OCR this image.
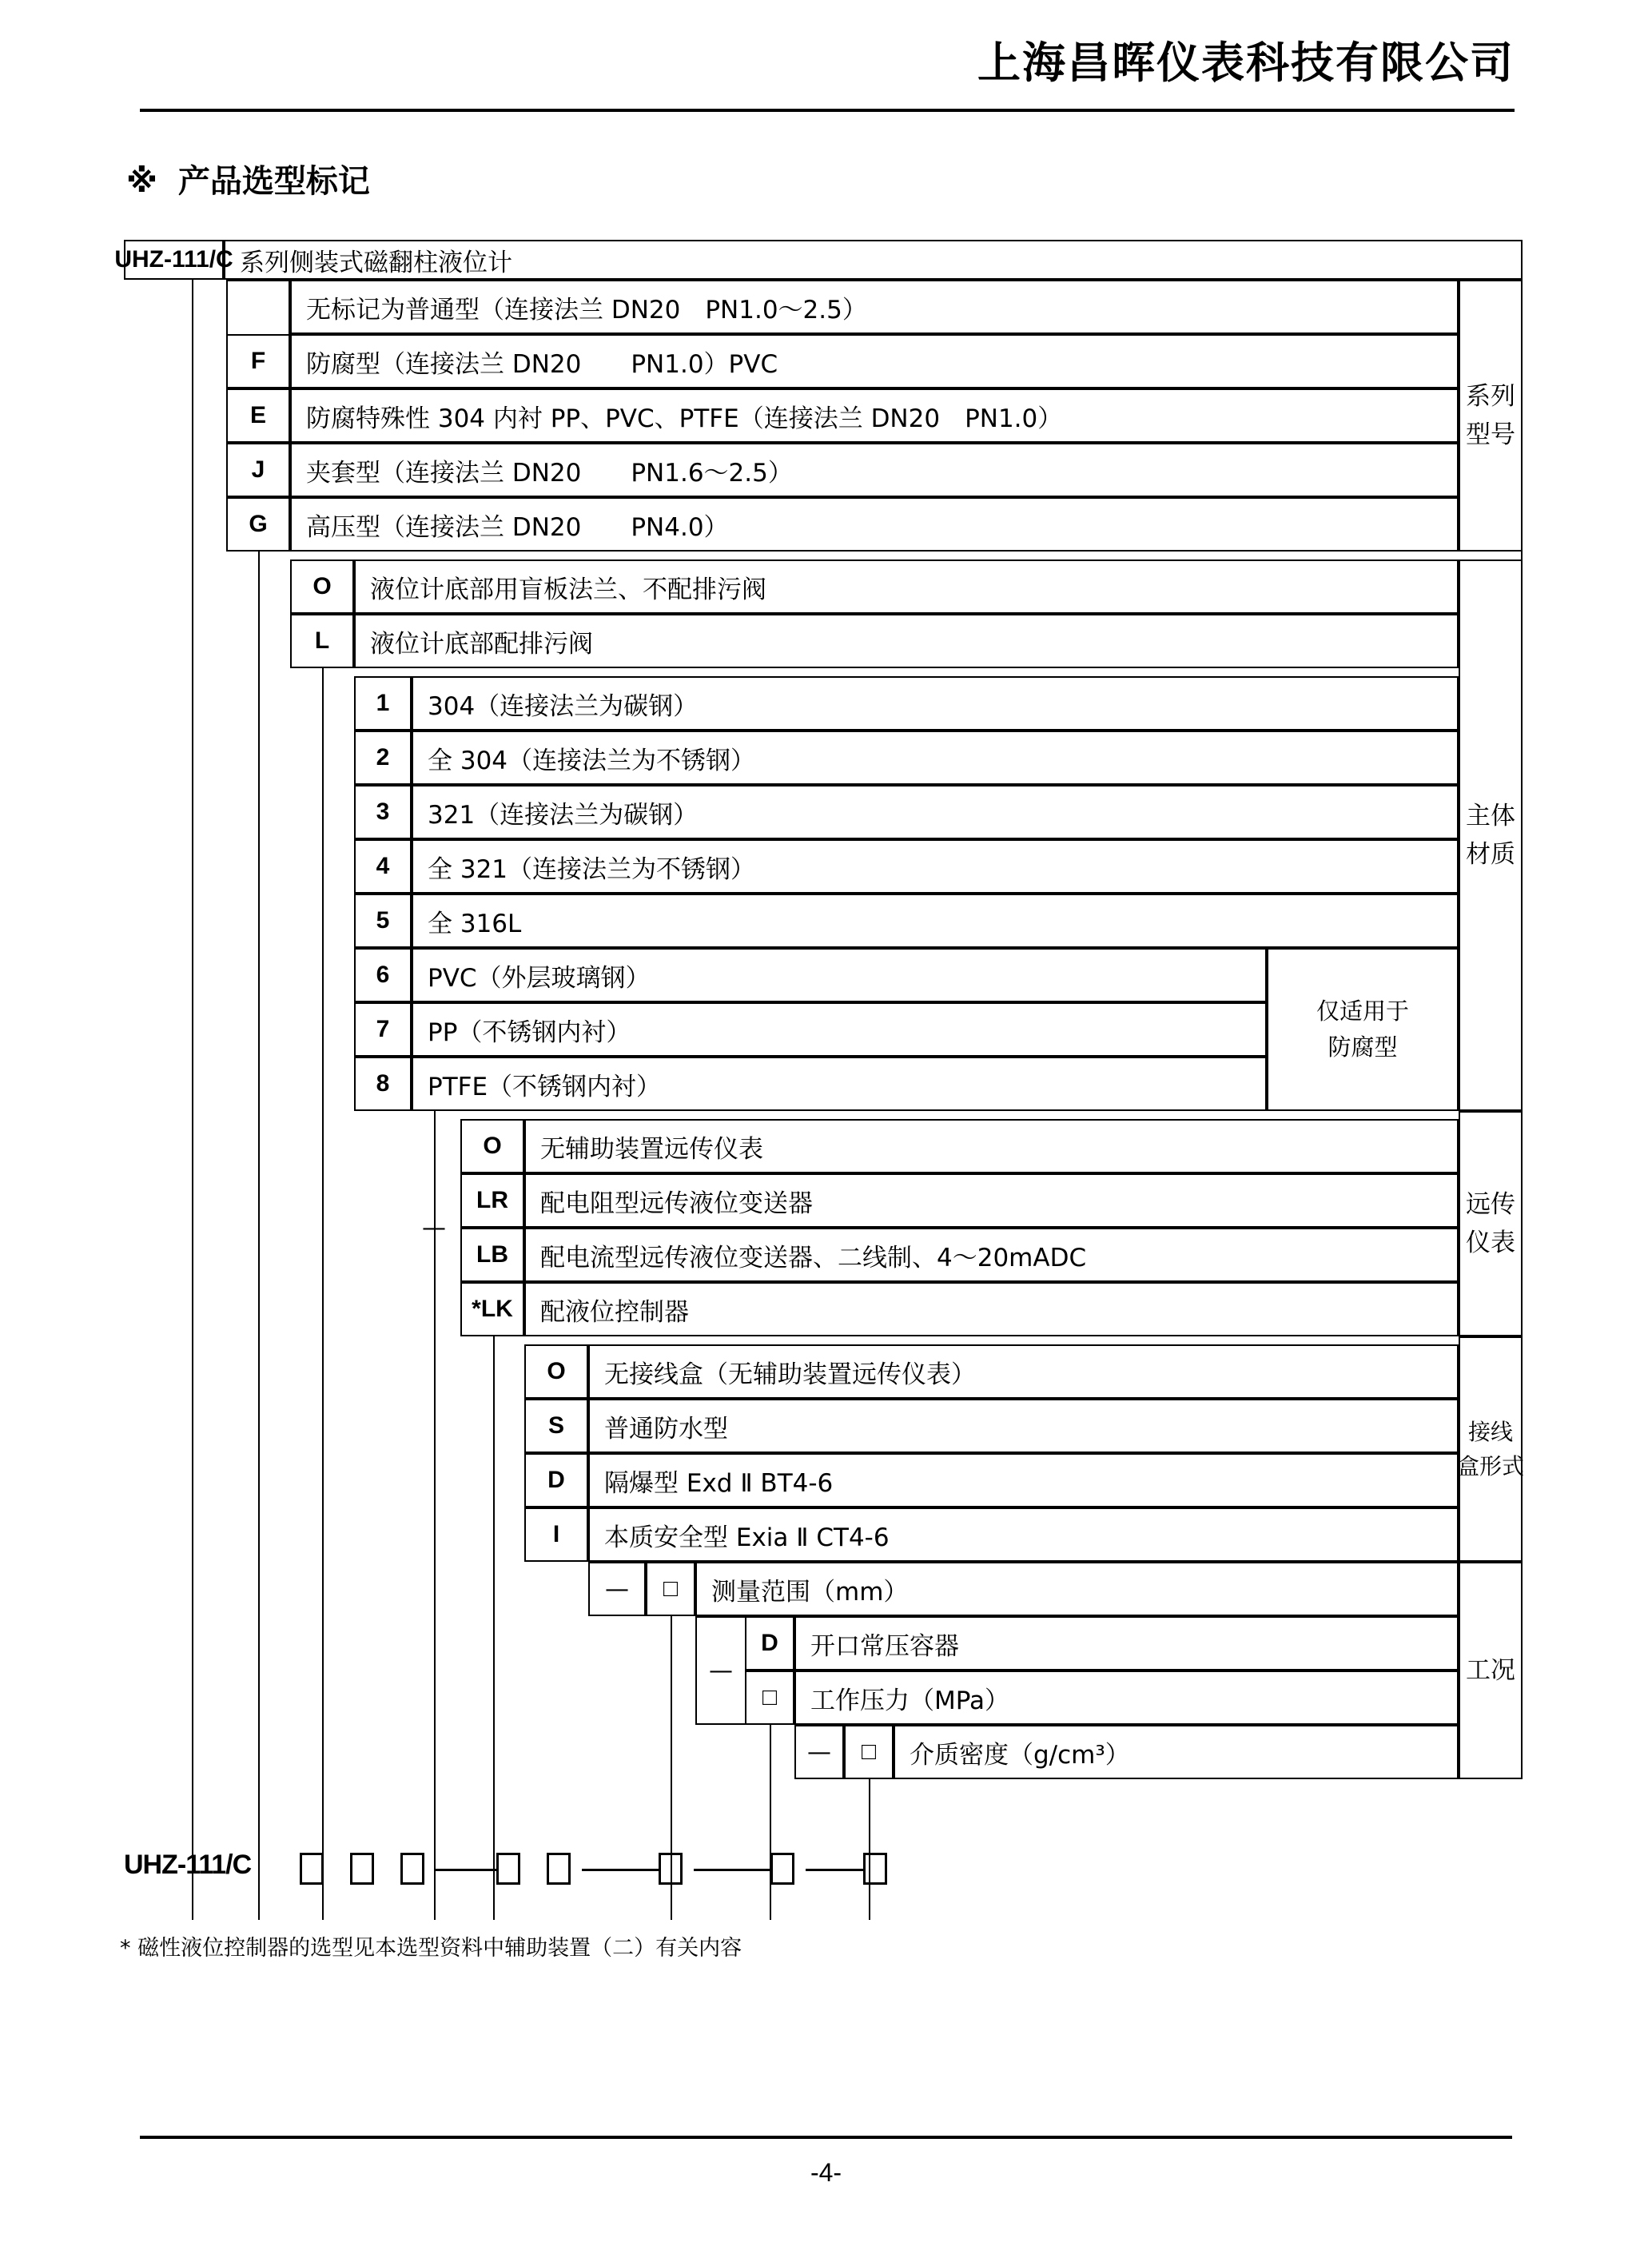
上海昌晖仪表科技有限公司
※ 产品选型标记
UHZ-111/C 系列侧装式磁翻柱液位计
无标记为普通型（连接法兰 DN20　PN1.0～2.5）
F	防腐型（连接法兰 DN20　　PN1.0）PVC
E	防腐特殊性 304 内衬 PP、PVC、PTFE（连接法兰 DN20　PN1.0）
J	夹套型（连接法兰 DN20　　PN1.6～2.5）
G	高压型（连接法兰 DN20　　PN4.0）
系列
型号
O	液位计底部用盲板法兰、不配排污阀
L	液位计底部配排污阀
1	304（连接法兰为碳钢）
2	全 304（连接法兰为不锈钢）
3	321（连接法兰为碳钢）
4	全 321（连接法兰为不锈钢）
5	全 316L
6	PVC（外层玻璃钢）
7	PP（不锈钢内衬）
8	PTFE（不锈钢内衬）
仅适用于
防腐型
主体
材质
—
O	无辅助装置远传仪表
LR	配电阻型远传液位变送器
LB	配电流型远传液位变送器、二线制、4～20mADC
*LK	配液位控制器
远传
仪表
O	无接线盒（无辅助装置远传仪表）
S	普通防水型
D	隔爆型 Exd Ⅱ BT4-6
I	本质安全型 Exia Ⅱ CT4-6
接线
盒形式
—	□	测量范围（mm）
—
D	开口常压容器
□	工作压力（MPa）
—	□	介质密度（g/cm³）
工况
UHZ-111/C
* 磁性液位控制器的选型见本选型资料中辅助装置（二）有关内容
-4-
